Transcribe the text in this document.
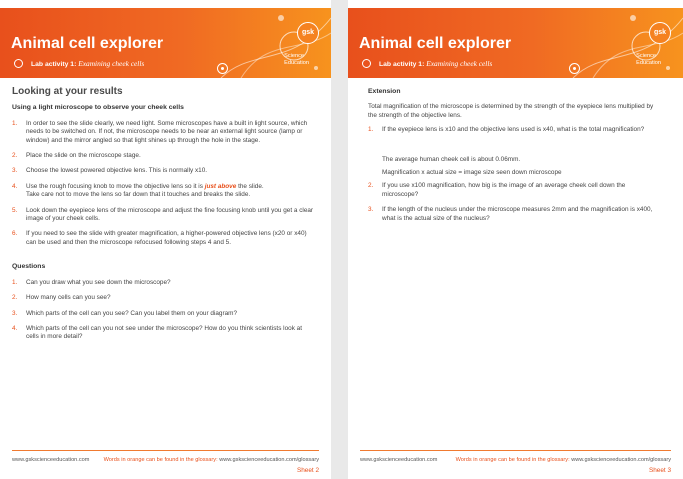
Animal cell explorer
Lab activity 1: Examining cheek cells
gsk
Science
Education
Looking at your results
Using a light microscope to observe your cheek cells
1. In order to see the slide clearly, we need light. Some microscopes have a built in light source, which needs to be switched on. If not, the microscope needs to be near an external light source (lamp or window) and the mirror angled so that light shines up through the hole in the stage.
2. Place the slide on the microscope stage.
3. Choose the lowest powered objective lens. This is normally x10.
4. Use the rough focusing knob to move the objective lens so it is just above the slide.
Take care not to move the lens so far down that it touches and breaks the slide.
5. Look down the eyepiece lens of the microscope and adjust the fine focusing knob until you get a clear image of your cheek cells.
6. If you need to see the slide with greater magnification, a higher-powered objective lens (x20 or x40) can be used and then the microscope refocused following steps 4 and 5.
Questions
1. Can you draw what you see down the microscope?
2. How many cells can you see?
3. Which parts of the cell can you see? Can you label them on your diagram?
4. Which parts of the cell can you not see under the microscope? How do you think scientists look at cells in more detail?
www.gskscienceeducation.com	Words in orange can be found in the glossary: www.gskscienceeducation.com/glossary
Sheet 2
Animal cell explorer
Lab activity 1: Examining cheek cells
gsk
Science
Education
Extension
Total magnification of the microscope is determined by the strength of the eyepiece lens multiplied by the strength of the objective lens.
1. If the eyepiece lens is x10 and the objective lens used is x40, what is the total magnification?
The average human cheek cell is about 0.06mm.
Magnification x actual size = image size seen down microscope
2. If you use x100 magnification, how big is the image of an average cheek cell down the microscope?
3. If the length of the nucleus under the microscope measures 2mm and the magnification is x400, what is the actual size of the nucleus?
www.gskscienceeducation.com	Words in orange can be found in the glossary: www.gskscienceeducation.com/glossary
Sheet 3
